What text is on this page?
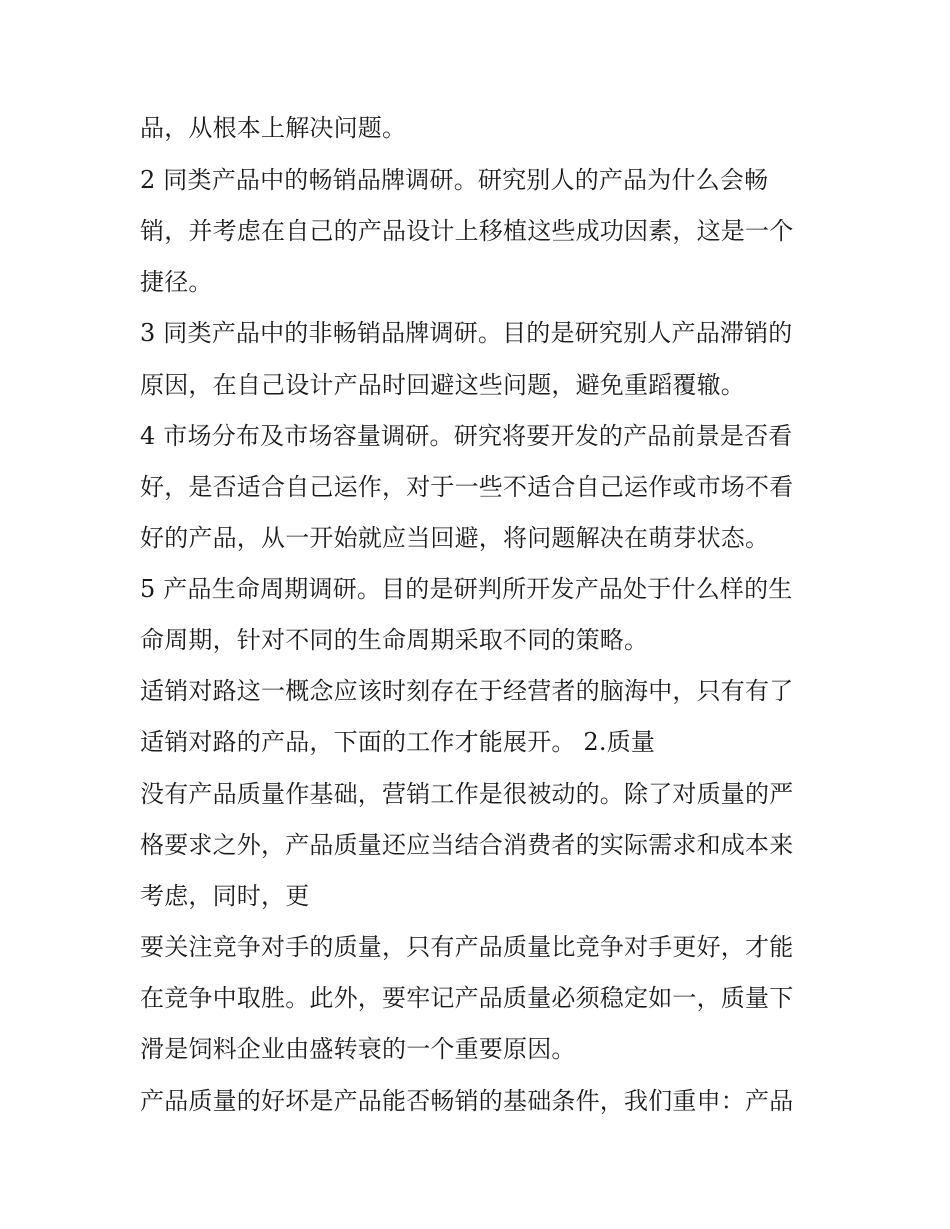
品，从根本上解决问题。
2 同类产品中的畅销品牌调研。研究别人的产品为什么会畅
销，并考虑在自己的产品设计上移植这些成功因素，这是一个
捷径。
3 同类产品中的非畅销品牌调研。目的是研究别人产品滞销的
原因，在自己设计产品时回避这些问题，避免重蹈覆辙。
4 市场分布及市场容量调研。研究将要开发的产品前景是否看
好，是否适合自己运作，对于一些不适合自己运作或市场不看
好的产品，从一开始就应当回避，将问题解决在萌芽状态。
5 产品生命周期调研。目的是研判所开发产品处于什么样的生
命周期，针对不同的生命周期采取不同的策略。
适销对路这一概念应该时刻存在于经营者的脑海中，只有有了
适销对路的产品，下面的工作才能展开。 2.质量
没有产品质量作基础，营销工作是很被动的。除了对质量的严
格要求之外，产品质量还应当结合消费者的实际需求和成本来
考虑，同时，更
要关注竞争对手的质量，只有产品质量比竞争对手更好，才能
在竞争中取胜。此外，要牢记产品质量必须稳定如一，质量下
滑是饲料企业由盛转衰的一个重要原因。
产品质量的好坏是产品能否畅销的基础条件，我们重申：产品
